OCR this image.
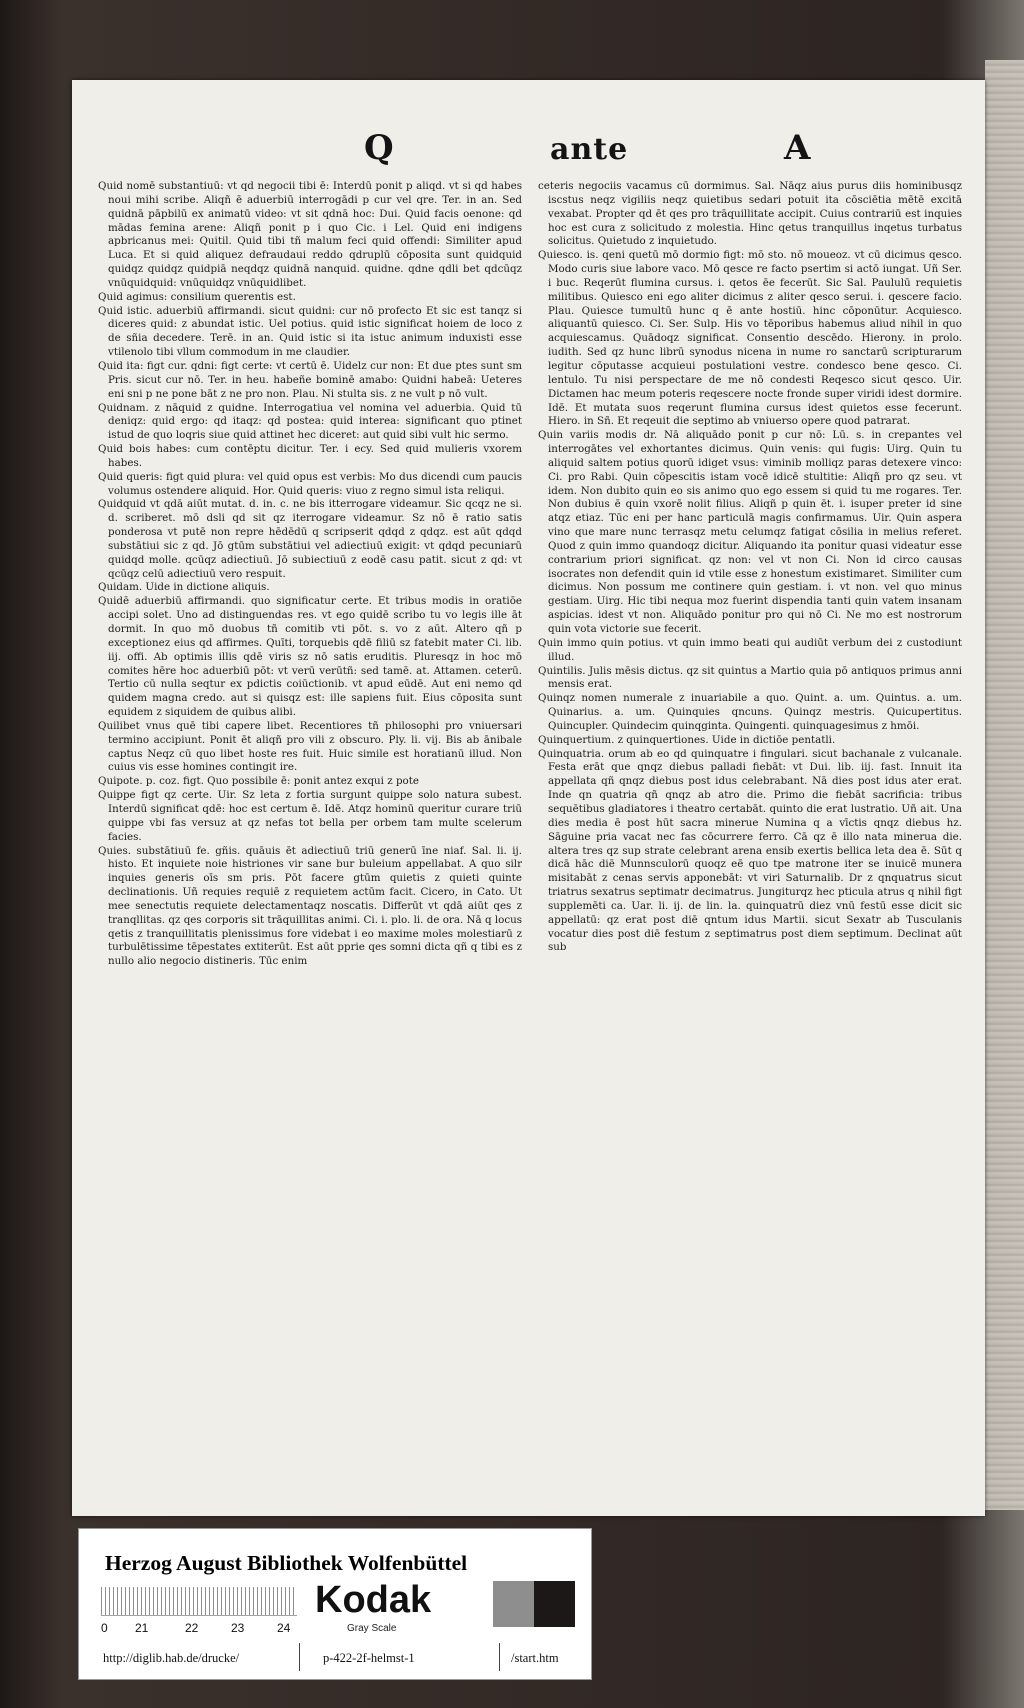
Q	ante	A

Quid nomē substantiuū: vt qd negocii tibi ē: Interdū ponit p aliqd. vt si qd habes noui mihi scribe. Aliqñ ē aduerbiū interrogādi p cur vel qre. Ter. in an. Sed quidnā pāpbilū ex animatū video: vt sit qdnā hoc: Dui. Quid facis oenone: qd mādas femina arene: Aliqñ ponit p i quo Cic. i Lel. Quid eni indigens apbricanus mei: Quitil. Quid tibi tñ malum feci quid offendi: Similiter apud Luca. Et si quid aliquez defraudaui reddo qdruplū cōposita sunt quidquid quidqz quidqz quidpiā neqdqz quidnā nanquid. quidne. qdne qdli bet qdcūqz vnūquidquid: vnūquidqz vnūquidlibet.

Quid agimus: consilium querentis est.

Quid istic. aduerbiū affirmandi. sicut quidni: cur nō profecto Et sic est tanqz si diceres quid: z abundat istic. Uel potius. quid istic significat hoiem de loco z de sñia decedere. Terē. in an. Quid istic si ita istuc animum induxisti esse vtilenolo tibi vllum commodum in me claudier.

Quid ita: figt cur. qdni: figt certe: vt certū ē. Uidelz cur non: Et due ptes sunt sm Pris. sicut cur nō. Ter. in heu. habeñe bominē amabo: Quidni habeā: Ueteres eni sni p ne pone bāt z ne pro non. Plau. Ni stulta sis. z ne vult p nō vult.

Quidnam. z nāquid z quidne. Interrogatiua vel nomina vel aduerbia. Quid tū deniqz: quid ergo: qd itaqz: qd postea: quid interea: significant quo ptinet istud de quo loqris siue quid attinet hec diceret: aut quid sibi vult hic sermo.

Quid bois habes: cum contēptu dicitur. Ter. i ecy. Sed quid mulieris vxorem habes.

Quid queris: figt quid plura: vel quid opus est verbis: Mo dus dicendi cum paucis volumus ostendere aliquid. Hor. Quid queris: viuo z regno simul ista reliqui.

Quidquid vt qdā aiūt mutat. d. in. c. ne bis itterrogare videamur. Sic qcqz ne si. d. scriberet. mō dsli qd sit qz iterrogare videamur. Sz nō ē ratio satis ponderosa vt putē non repre hēdēdū q scripserit qdqd z qdqz. est aūt qdqd substātiui sic z qd. Jō gtūm substātiui vel adiectiuū exigit: vt qdqd pecuniarū quidqd molle. qcūqz adiectiuū. Jō subiectiuū z eodē casu patit. sicut z qd: vt qcūqz celū adiectiuū vero respuit.

Quidam. Uide in dictione aliquis.

Quidē aduerbiū affirmandi. quo significatur certe. Et tribus modis in oratiōe accipi solet. Uno ad distinguendas res. vt ego quidē scribo tu vo legis ille āt dormit. In quo mō duobus tñ comitib vti pōt. s. vo z aūt. Altero qñ p exceptionez eius qd affirmes. Quīti, torquebis qdē filiū sz fatebit mater Ci. lib. iij. offi. Ab optimis illis qdē viris sz nō satis eruditis. Pluresqz in hoc mō comites hēre hoc aduerbiū pōt: vt verū verūtñ: sed tamē. at. Attamen. ceterū. Tertio cū nulla seqtur ex pdictis coiūctionib. vt apud eūdē. Aut eni nemo qd quidem magna credo. aut si quisqz est: ille sapiens fuit. Eius cōposita sunt equidem z siquidem de quibus alibi.

Quilibet vnus quē tibi capere libet. Recentiores tñ philosophi pro vniuersari termino accipiunt. Ponit ēt aliqñ pro vili z obscuro. Ply. li. vij. Bis ab ānibale captus Neqz cū quo libet hoste res fuit. Huic simile est horatianū illud. Non cuius vis esse homines contingit ire.

Quipote. p. coz. figt. Quo possibile ē: ponit antez exqui z pote

Quippe figt qz certe. Uir. Sz leta z fortia surgunt quippe solo natura subest. Interdū significat qdē: hoc est certum ē. Idē. Atqz hominū queritur curare triū quippe vbi fas versuz at qz nefas tot bella per orbem tam multe scelerum facies.

Quies. substātiuū fe. gñis. quāuis ēt adiectiuū triū generū īne niaf. Sal. li. ij. histo. Et inquiete noie histriones vir sane bur buleium appellabat. A quo silr inquies generis oīs sm pris. Pōt facere gtūm quietis z quieti quinte declinationis. Uñ requies requiē z requietem actūm facit. Cicero, in Cato. Ut mee senectutis requiete delectamentaqz noscatis. Differūt vt qdā aiūt qes z tranqllitas. qz qes corporis sit trāquillitas animi. Ci. i. plo. li. de ora. Nā q locus qetis z tranquillitatis plenissimus fore videbat i eo maxime moles molestiarū z turbulētissime tēpestates extiterūt. Est aūt pprie qes somni dicta qñ q tibi es z nullo alio negocio distineris. Tūc enim

ceteris negociis vacamus cū dormimus. Sal. Nāqz aius purus diis hominibusqz iscstus neqz vigiliis neqz quietibus sedari potuit ita cōsciētia mētē excitā vexabat. Propter qd ēt qes pro trāquillitate accipit. Cuius contrariū est inquies hoc est cura z solicitudo z molestia. Hinc qetus tranquillus inqetus turbatus solicitus. Quietudo z inquietudo.

Quiesco. is. qeni quetū mō dormio figt: mō sto. nō moueoz. vt cū dicimus qesco. Modo curis siue labore vaco. Mō qesce re facto psertim si actō iungat. Uñ Ser. i buc. Reqerūt flumina cursus. i. qetos ēe fecerūt. Sic Sal. Paululū requietis militibus. Quiesco eni ego aliter dicimus z aliter qesco serui. i. qescere facio. Plau. Quiesce tumultū hunc q ē ante hostiū. hinc cōponūtur. Acquiesco. aliquantū quiesco. Ci. Ser. Sulp. His vo tēporibus habemus aliud nihil in quo acquiescamus. Quādoqz significat. Consentio descēdo. Hierony. in prolo. iudith. Sed qz hunc librū synodus nicena in nume ro sanctarū scripturarum legitur cōputasse acquieui postulationi vestre. condesco bene qesco. Ci. lentulo. Tu nisi perspectare de me nō condesti Reqesco sicut qesco. Uir. Dictamen hac meum poteris reqescere nocte fronde super viridi idest dormire. Idē. Et mutata suos reqerunt flumina cursus idest quietos esse fecerunt. Hiero. in Sñ. Et reqeuit die septimo ab vniuerso opere quod patrarat.

Quin variis modis dr. Nā aliquādo ponit p cur nō: Lū. s. in crepantes vel interrogātes vel exhortantes dicimus. Quin venis: qui fugis: Uirg. Quin tu aliquid saltem potius quorū idiget vsus: viminib molliqz paras detexere vinco: Ci. pro Rabi. Quin cōpescitis istam vocē idicē stultitie: Aliqñ pro qz seu. vt idem. Non dubito quin eo sis animo quo ego essem si quid tu me rogares. Ter. Non dubius ē quin vxorē nolit filius. Aliqñ p quin ēt. i. isuper preter id sine atqz etiaz. Tūc eni per hanc particulā magis confirmamus. Uir. Quin aspera vino que mare nunc terrasqz metu celumqz fatigat cōsilia in melius referet. Quod z quin immo quandoqz dicitur. Aliquando ita ponitur quasi videatur esse contrarium priori significat. qz non: vel vt non Ci. Non id circo causas isocrates non defendit quin id vtile esse z honestum existimaret. Similiter cum dicimus. Non possum me continere quin gestiam. i. vt non. vel quo minus gestiam. Uirg. Hic tibi nequa moz fuerint dispendia tanti quin vatem insanam aspicias. idest vt non. Aliquādo ponitur pro qui nō Ci. Ne mo est nostrorum quin vota victorie sue fecerit.

Quin immo quin potius. vt quin immo beati qui audiūt verbum dei z custodiunt illud.

Quintilis. Julis mēsis dictus. qz sit quintus a Martio quia pō antiquos primus anni mensis erat.

Quinqz nomen numerale z inuariabile a quo. Quint. a. um. Quintus. a. um. Quinarius. a. um. Quinquies qncuns. Quinqz mestris. Quicupertitus. Quincupler. Quindecim quinqginta. Quingenti. quinquagesimus z hmōi.

Quinquertium. z quinquertiones. Uide in dictiōe pentatli.

Quinquatria. orum ab eo qd quinquatre i fingulari. sicut bachanale z vulcanale. Festa erāt que qnqz diebus palladi fiebāt: vt Dui. lib. iij. fast. Innuit ita appellata qñ qnqz diebus post idus celebrabant. Nā dies post idus ater erat. Inde qn quatria qñ qnqz ab atro die. Primo die fiebāt sacrificia: tribus sequētibus gladiatores i theatro certabāt. quinto die erat lustratio. Uñ ait. Una dies media ē post hūt sacra minerue Numina q a vīctis qnqz diebus hz. Sāguine pria vacat nec fas cōcurrere ferro. Cā qz ē illo nata minerua die. altera tres qz sup strate celebrant arena ensib exertis bellica leta dea ē. Sūt q dicā hāc diē Munnsculorū quoqz eē quo tpe matrone iter se inuicē munera misitabāt z cenas servis apponebāt: vt viri Saturnalib. Dr z qnquatrus sicut triatrus sexatrus septimatr decimatrus. Jungiturqz hec pticula atrus q nihil figt supplemēti ca. Uar. li. ij. de lin. la. quinquatrū diez vnū festū esse dicit sic appellatū: qz erat post diē qntum idus Martii. sicut Sexatr ab Tusculanis vocatur dies post diē festum z septimatrus post diem septimum. Declinat aūt sub

Herzog August Bibliothek Wolfenbüttel
0 21	22	23	24
Kodak
Gray Scale
http://diglib.hab.de/drucke/	p-422-2f-helmst-1	/start.htm
